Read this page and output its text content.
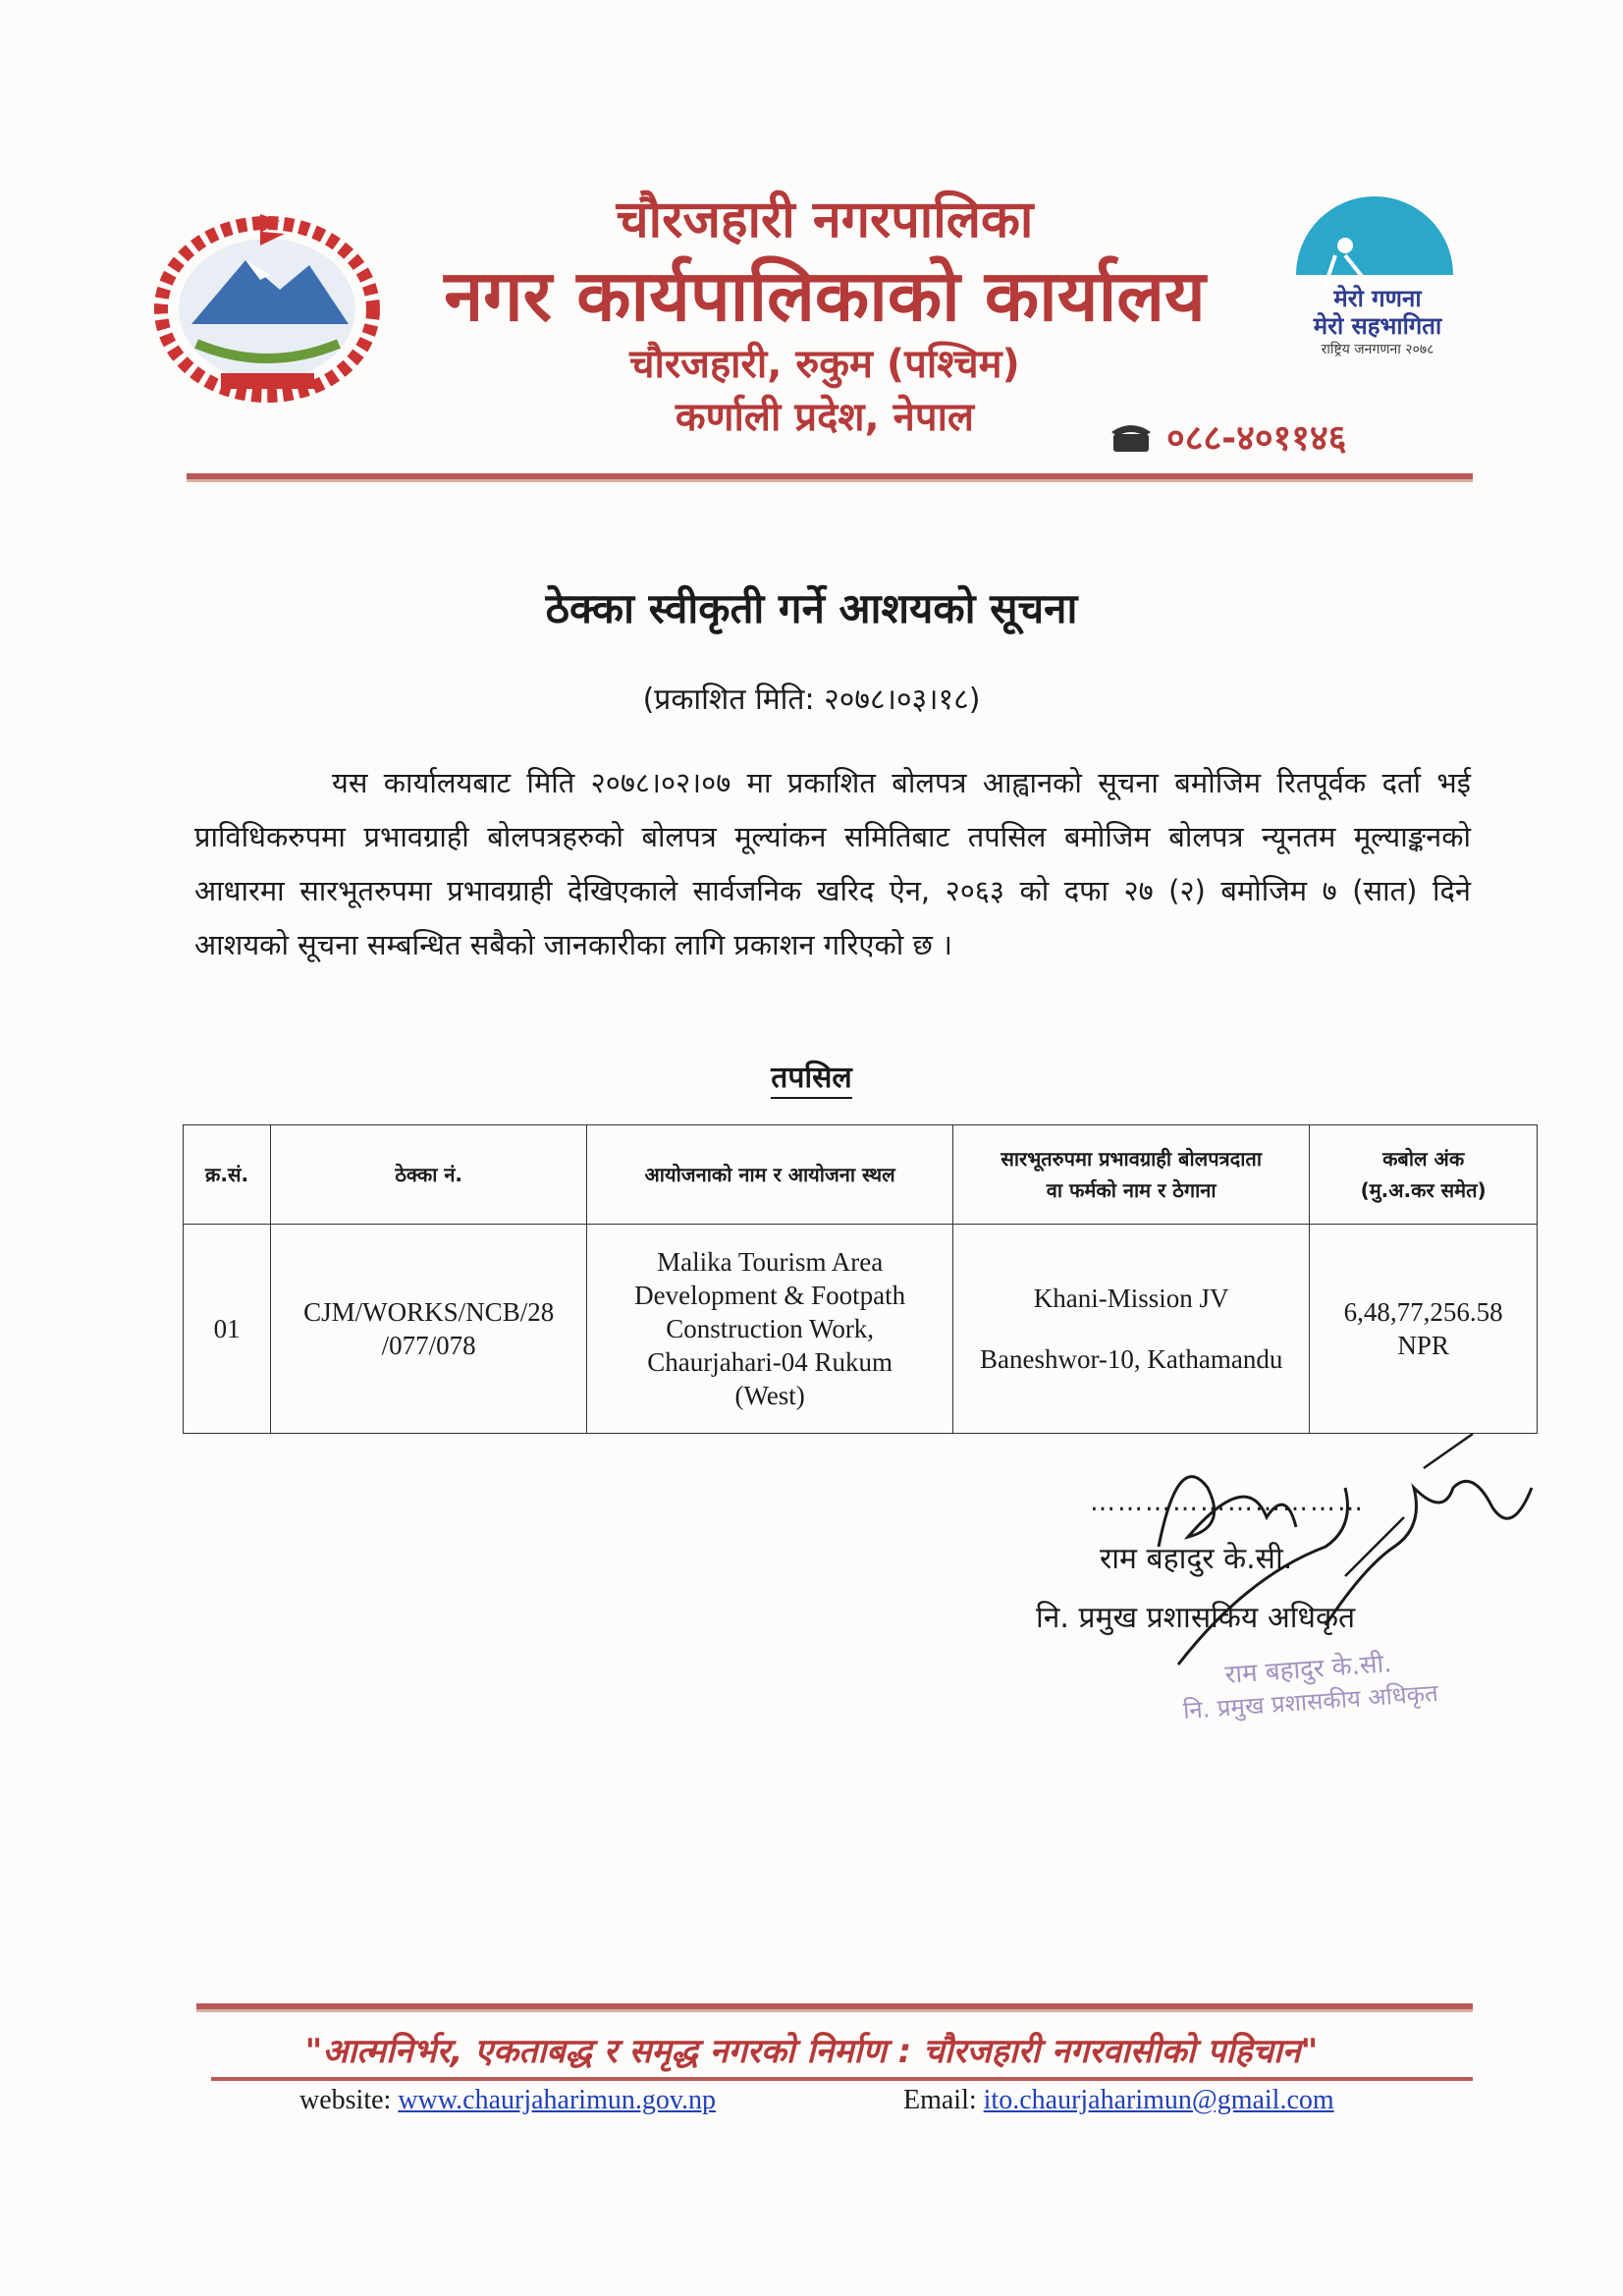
चौरजहारी नगरपालिका
नगर कार्यपालिकाको कार्यालय
चौरजहारी, रुकुम (पश्चिम)
कर्णाली प्रदेश, नेपाल
मेरो गणना
मेरो सहभागिता
राष्ट्रिय जनगणना २०७८
०८८-४०११४६
ठेक्का स्वीकृती गर्ने आशयको सूचना
(प्रकाशित मिति: २०७८।०३।१८)
यस कार्यालयबाट मिति २०७८।०२।०७ मा प्रकाशित बोलपत्र आह्वानको सूचना बमोजिम रितपूर्वक दर्ता भई प्राविधिकरुपमा प्रभावग्राही बोलपत्रहरुको बोलपत्र मूल्यांकन समितिबाट तपसिल बमोजिम बोलपत्र न्यूनतम मूल्याङ्कनको आधारमा सारभूतरुपमा प्रभावग्राही देखिएकाले सार्वजनिक खरिद ऐन, २०६३ को दफा २७ (२) बमोजिम ७ (सात) दिने आशयको सूचना सम्बन्धित सबैको जानकारीका लागि प्रकाशन गरिएको छ ।
तपसिल
क्र.सं.	ठेक्का नं.	आयोजनाको नाम र आयोजना स्थल	सारभूतरुपमा प्रभावग्राही बोलपत्रदाता
वा फर्मको नाम र ठेगाना	कबोल अंक
(मु.अ.कर समेत)
01	CJM/WORKS/NCB/28
/077/078	Malika Tourism Area
Development & Footpath
Construction Work,
Chaurjahari-04 Rukum
(West)	Khani-Mission JV
Baneshwor-10, Kathamandu	6,48,77,256.58
NPR
…………………………
राम बहादुर के.सी.
नि. प्रमुख प्रशासकिय अधिकृत
राम बहादुर के.सी.
नि. प्रमुख प्रशासकीय अधिकृत
"आत्मनिर्भर, एकताबद्ध र समृद्ध नगरको निर्माण : चौरजहारी नगरवासीको पहिचान"
website: www.chaurjaharimun.gov.np	Email: ito.chaurjaharimun@gmail.com
